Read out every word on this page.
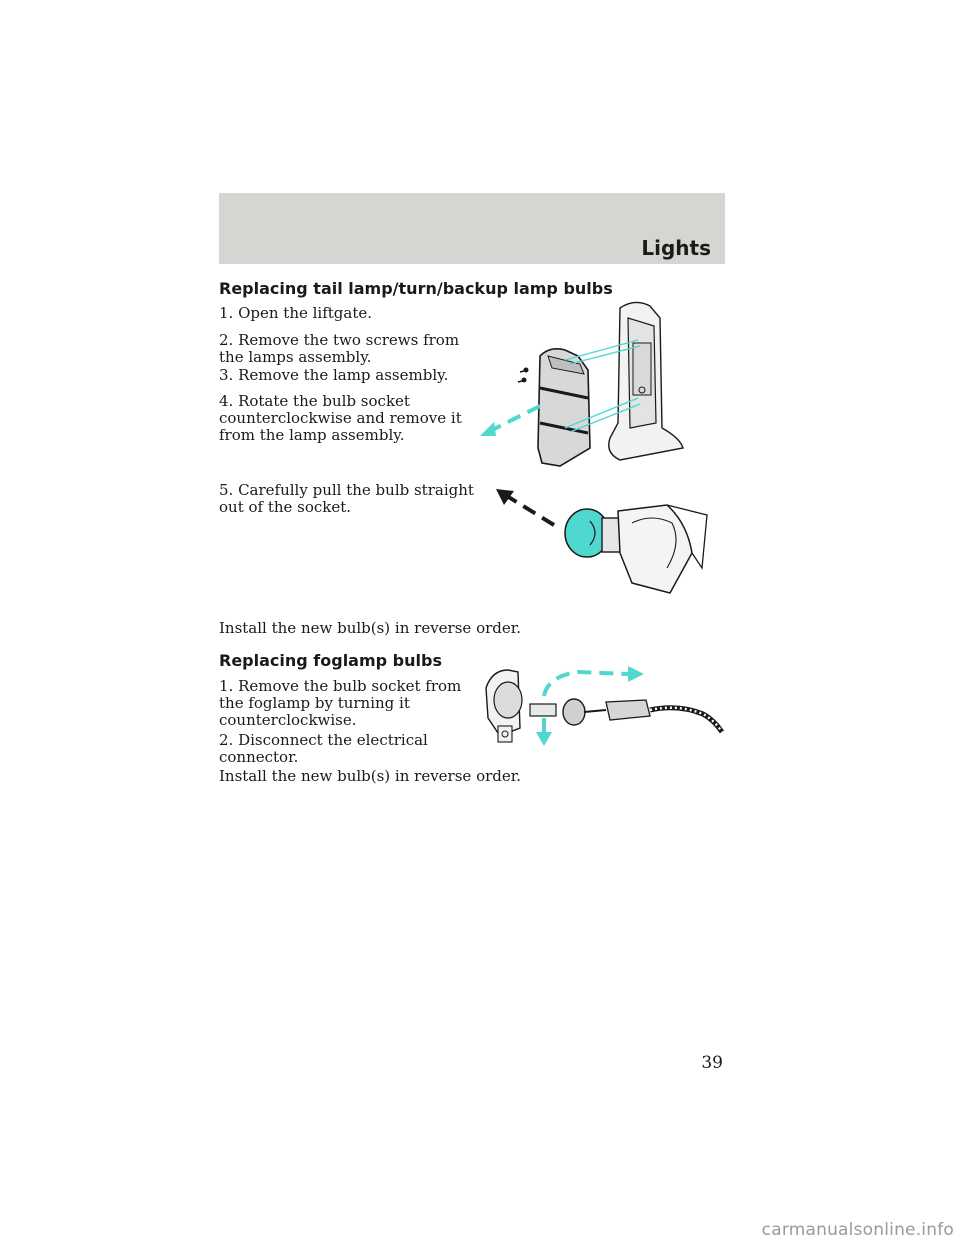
Lights
Replacing tail lamp/turn/backup lamp bulbs
1. Open the liftgate.
2. Remove the two screws from the lamps assembly.
3. Remove the lamp assembly.
4. Rotate the bulb socket counterclockwise and remove it from the lamp assembly.
5. Carefully pull the bulb straight out of the socket.
Install the new bulb(s) in reverse order.
Replacing foglamp bulbs
1. Remove the bulb socket from the foglamp by turning it counterclockwise.
2. Disconnect the electrical connector.
Install the new bulb(s) in reverse order.
39
carmanualsonline.info
